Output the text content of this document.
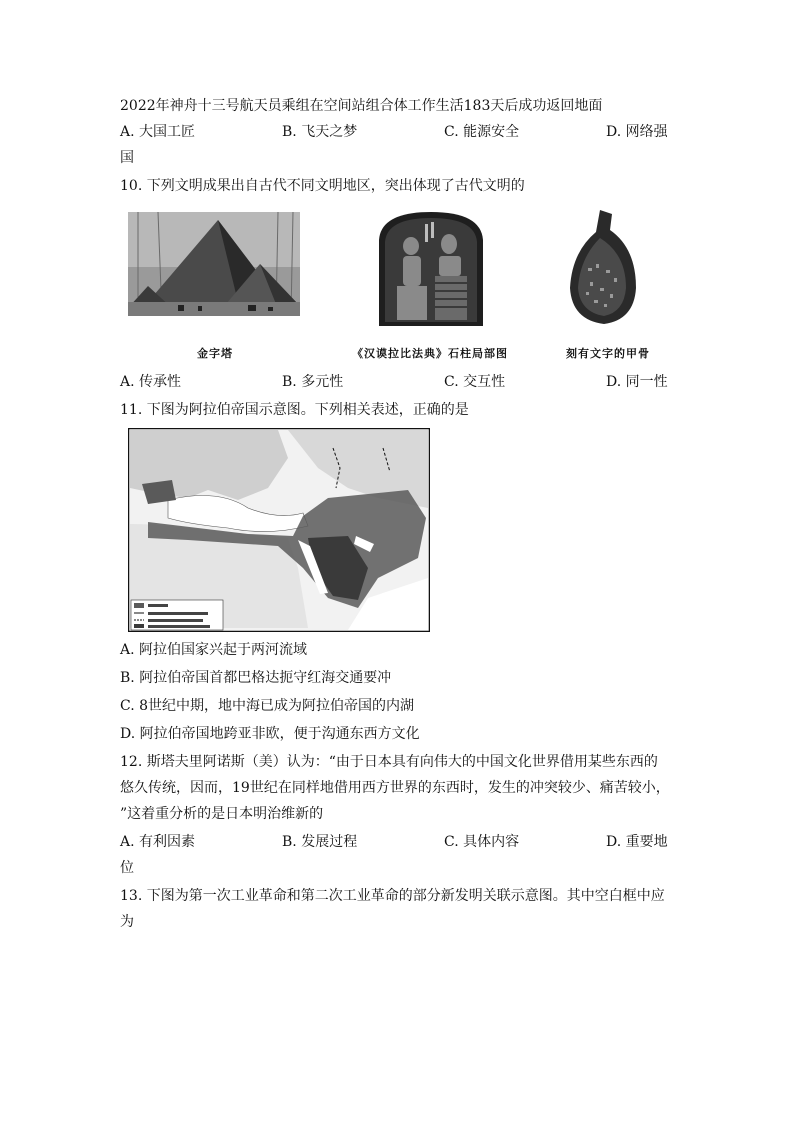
2022年神舟十三号航天员乘组在空间站组合体工作生活183天后成功返回地面
A. 大国工匠	B. 飞天之梦	C. 能源安全	D. 网络强
国
10. 下列文明成果出自古代不同文明地区，突出体现了古代文明的
金字塔	《汉谟拉比法典》石柱局部图	刻有文字的甲骨
A. 传承性	B. 多元性	C. 交互性	D. 同一性
11. 下图为阿拉伯帝国示意图。下列相关表述，正确的是
A. 阿拉伯国家兴起于两河流域
B. 阿拉伯帝国首都巴格达扼守红海交通要冲
C. 8世纪中期，地中海已成为阿拉伯帝国的内湖
D. 阿拉伯帝国地跨亚非欧，便于沟通东西方文化
12. 斯塔夫里阿诺斯（美）认为：“由于日本具有向伟大的中国文化世界借用某些东西的
悠久传统，因而，19世纪在同样地借用西方世界的东西时，发生的冲突较少、痛苦较小，
”这着重分析的是日本明治维新的
A. 有利因素	B. 发展过程	C. 具体内容	D. 重要地
位
13. 下图为第一次工业革命和第二次工业革命的部分新发明关联示意图。其中空白框中应
为
